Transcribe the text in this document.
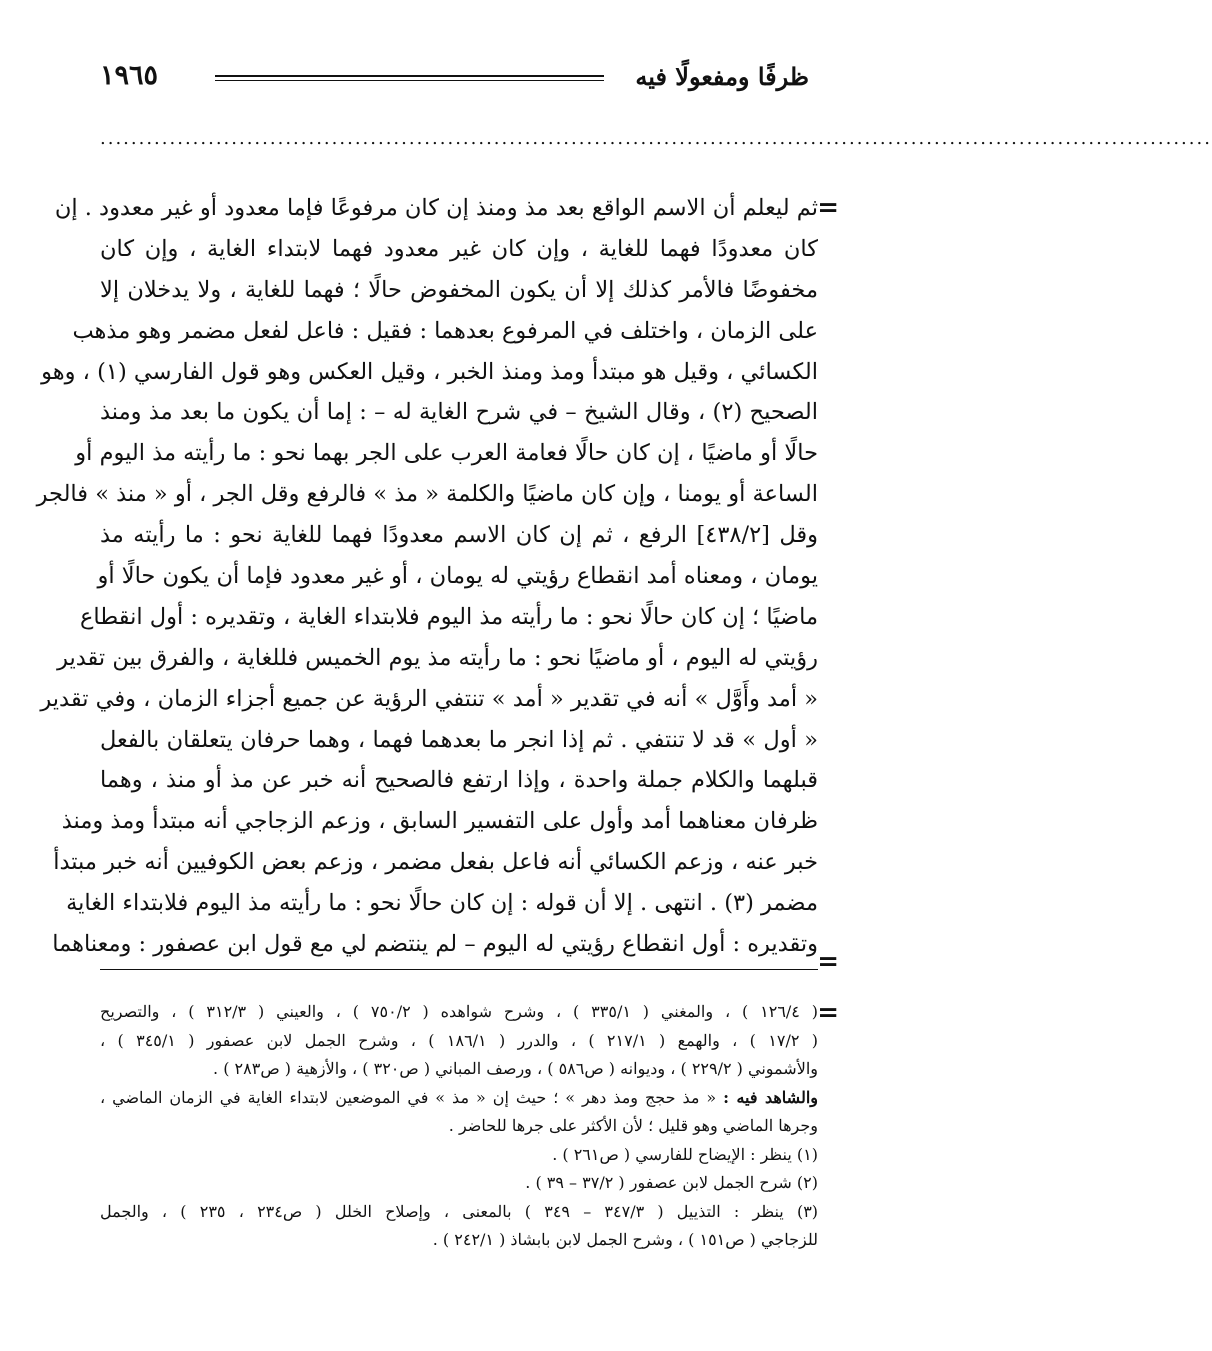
ظرفًا ومفعولًا فيه
١٩٦٥
................................................................................................................................................
=
=
=
ثم ليعلم أن الاسم الواقع بعد مذ ومنذ إن كان مرفوعًا فإما معدود أو غير معدود . إن
كان معدودًا فهما للغاية ، وإن كان غير معدود فهما لابتداء الغاية ، وإن كان
مخفوضًا فالأمر كذلك إلا أن يكون المخفوض حالًا ؛ فهما للغاية ، ولا يدخلان إلا
على الزمان ، واختلف في المرفوع بعدهما : فقيل : فاعل لفعل مضمر وهو مذهب
الكسائي ، وقيل هو مبتدأ ومذ ومنذ الخبر ، وقيل العكس وهو قول الفارسي (١) ، وهو
الصحيح (٢) ، وقال الشيخ – في شرح الغاية له – : إما أن يكون ما بعد مذ ومنذ
حالًا أو ماضيًا ، إن كان حالًا فعامة العرب على الجر بهما نحو : ما رأيته مذ اليوم أو
الساعة أو يومنا ، وإن كان ماضيًا والكلمة « مذ » فالرفع وقل الجر ، أو « منذ » فالجر
وقل [٤٣٨/٢] الرفع ، ثم إن كان الاسم معدودًا فهما للغاية نحو : ما رأيته مذ
يومان ، ومعناه أمد انقطاع رؤيتي له يومان ، أو غير معدود فإما أن يكون حالًا أو
ماضيًا ؛ إن كان حالًا نحو : ما رأيته مذ اليوم فلابتداء الغاية ، وتقديره : أول انقطاع
رؤيتي له اليوم ، أو ماضيًا نحو : ما رأيته مذ يوم الخميس فللغاية ، والفرق بين تقدير
« أمد وأَوَّل » أنه في تقدير « أمد » تنتفي الرؤية عن جميع أجزاء الزمان ، وفي تقدير
« أول » قد لا تنتفي . ثم إذا انجر ما بعدهما فهما ، وهما حرفان يتعلقان بالفعل
قبلهما والكلام جملة واحدة ، وإذا ارتفع فالصحيح أنه خبر عن مذ أو منذ ، وهما
ظرفان معناهما أمد وأول على التفسير السابق ، وزعم الزجاجي أنه مبتدأ ومذ ومنذ
خبر عنه ، وزعم الكسائي أنه فاعل بفعل مضمر ، وزعم بعض الكوفيين أنه خبر مبتدأ
مضمر (٣) . انتهى . إلا أن قوله : إن كان حالًا نحو : ما رأيته مذ اليوم فلابتداء الغاية
وتقديره : أول انقطاع رؤيتي له اليوم – لم ينتضم لي مع قول ابن عصفور : ومعناهما
( ١٢٦/٤ ) ، والمغني ( ٣٣٥/١ ) ، وشرح شواهده ( ٧٥٠/٢ ) ، والعيني ( ٣١٢/٣ ) ، والتصريح
( ١٧/٢ ) ، والهمع ( ٢١٧/١ ) ، والدرر ( ١٨٦/١ ) ، وشرح الجمل لابن عصفور ( ٣٤٥/١ ) ،
والأشموني ( ٢٢٩/٢ ) ، وديوانه ( ص٥٨٦ ) ، ورصف المباني ( ص٣٢٠ ) ، والأزهية ( ص٢٨٣ ) .
والشاهد فيه : « مذ حجج ومذ دهر » ؛ حيث إن « مذ » في الموضعين لابتداء الغاية في الزمان الماضي ،
وجرها الماضي وهو قليل ؛ لأن الأكثر على جرها للحاضر .
(١) ينظر : الإيضاح للفارسي ( ص٢٦١ ) .
(٢) شرح الجمل لابن عصفور ( ٣٧/٢ – ٣٩ ) .
(٣) ينظر : التذييل ( ٣٤٧/٣ – ٣٤٩ ) بالمعنى ، وإصلاح الخلل ( ص٢٣٤ ، ٢٣٥ ) ، والجمل
للزجاجي ( ص١٥١ ) ، وشرح الجمل لابن بابشاذ ( ٢٤٢/١ ) .
